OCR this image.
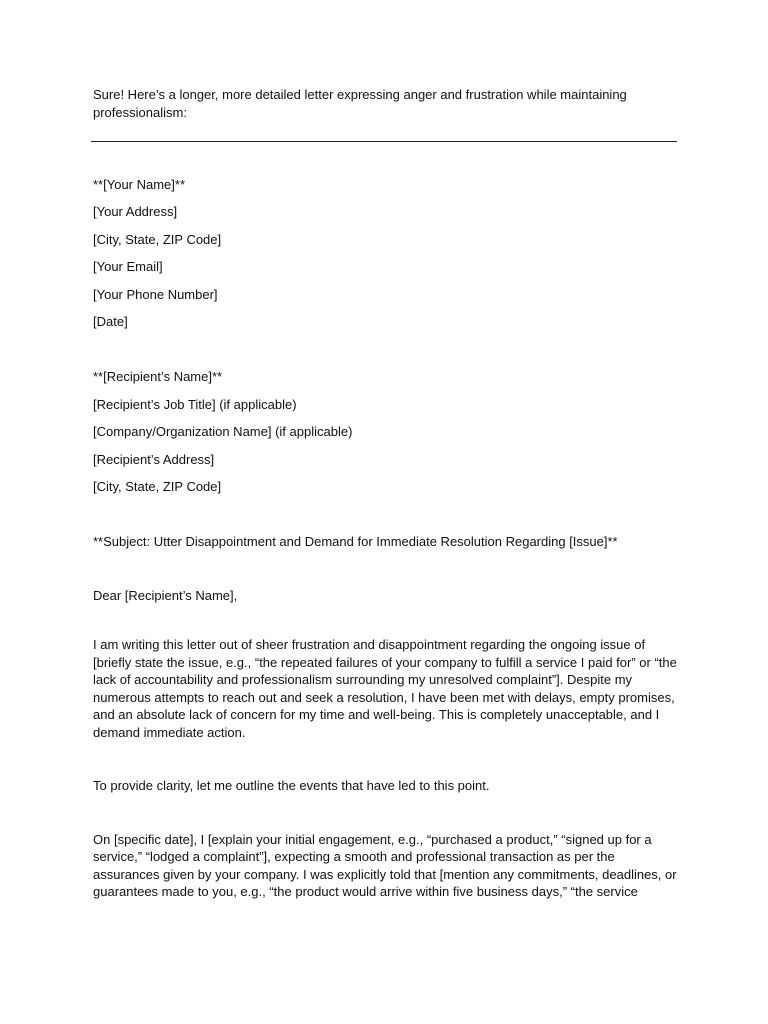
Sure! Here’s a longer, more detailed letter expressing anger and frustration while maintaining professionalism:

**[Your Name]**

[Your Address]

[City, State, ZIP Code]

[Your Email]

[Your Phone Number]

[Date]

**[Recipient’s Name]**

[Recipient’s Job Title] (if applicable)

[Company/Organization Name] (if applicable)

[Recipient’s Address]

[City, State, ZIP Code]

**Subject: Utter Disappointment and Demand for Immediate Resolution Regarding [Issue]**

Dear [Recipient’s Name],

I am writing this letter out of sheer frustration and disappointment regarding the ongoing issue of [briefly state the issue, e.g., “the repeated failures of your company to fulfill a service I paid for” or “the lack of accountability and professionalism surrounding my unresolved complaint”]. Despite my numerous attempts to reach out and seek a resolution, I have been met with delays, empty promises, and an absolute lack of concern for my time and well-being. This is completely unacceptable, and I demand immediate action.

To provide clarity, let me outline the events that have led to this point.

On [specific date], I [explain your initial engagement, e.g., “purchased a product,” “signed up for a service,” “lodged a complaint”], expecting a smooth and professional transaction as per the assurances given by your company. I was explicitly told that [mention any commitments, deadlines, or guarantees made to you, e.g., “the product would arrive within five business days,” “the service
